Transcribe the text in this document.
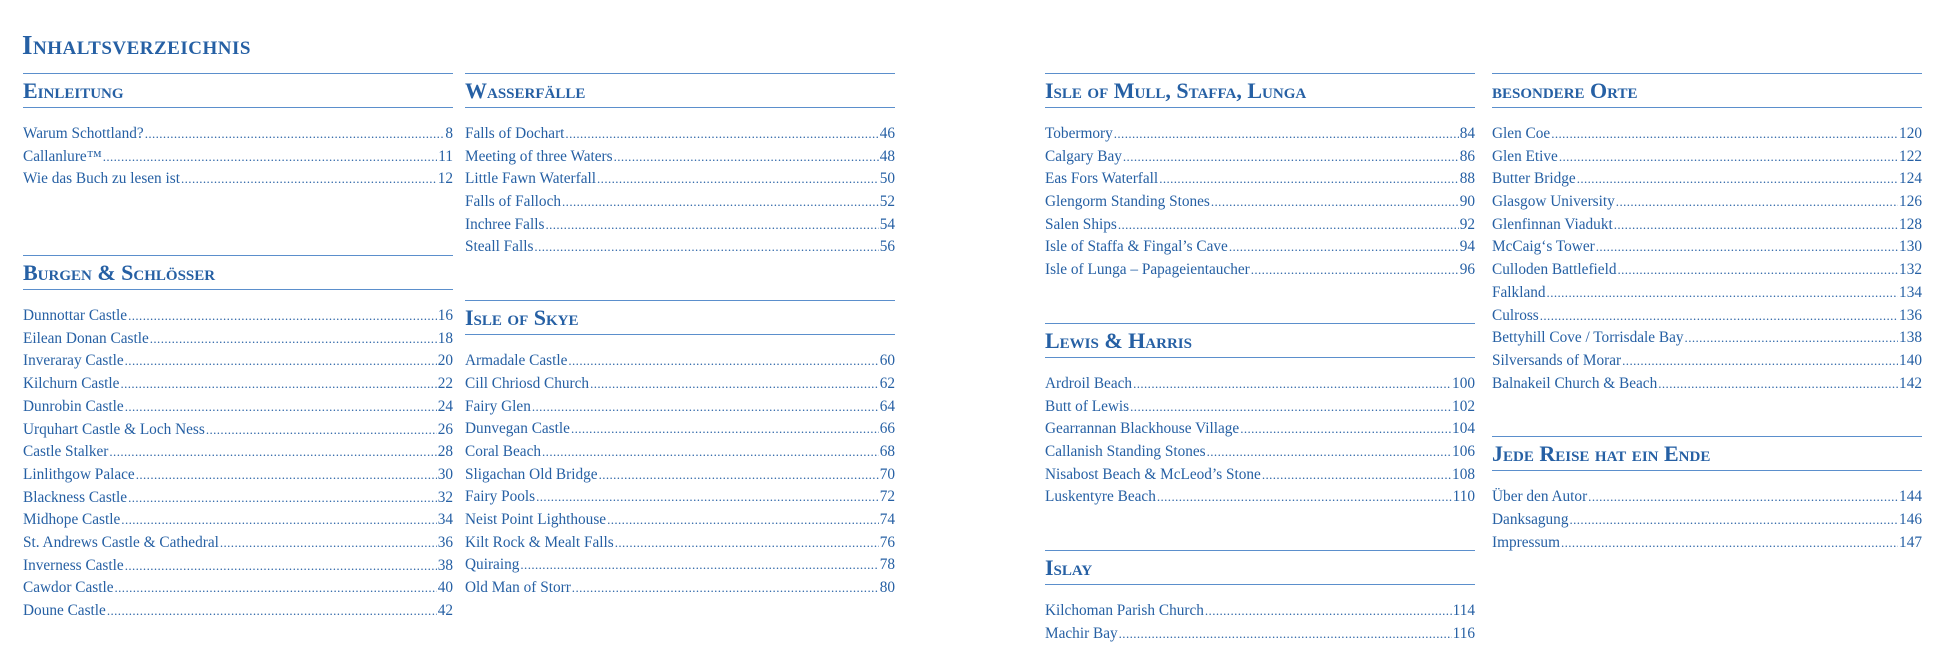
Inhaltsverzeichnis
Einleitung
Warum Schottland? .....	8
Callanlure™ .....	11
Wie das Buch zu lesen ist .....	12
Burgen & Schlösser
Dunnottar Castle .....	16
Eilean Donan Castle .....	18
Inveraray Castle .....	20
Kilchurn Castle .....	22
Dunrobin Castle .....	24
Urquhart Castle & Loch Ness .....	26
Castle Stalker .....	28
Linlithgow Palace .....	30
Blackness Castle .....	32
Midhope Castle .....	34
St. Andrews Castle & Cathedral .....	36
Inverness Castle .....	38
Cawdor Castle .....	40
Doune Castle .....	42
Wasserfälle
Falls of Dochart .....	46
Meeting of three Waters .....	48
Little Fawn Waterfall .....	50
Falls of Falloch .....	52
Inchree Falls .....	54
Steall Falls .....	56
Isle of Skye
Armadale Castle .....	60
Cill Chriosd Church .....	62
Fairy Glen .....	64
Dunvegan Castle .....	66
Coral Beach .....	68
Sligachan Old Bridge .....	70
Fairy Pools .....	72
Neist Point Lighthouse .....	74
Kilt Rock & Mealt Falls .....	76
Quiraing .....	78
Old Man of Storr .....	80
Isle of Mull, Staffa, Lunga
Tobermory .....	84
Calgary Bay .....	86
Eas Fors Waterfall .....	88
Glengorm Standing Stones .....	90
Salen Ships .....	92
Isle of Staffa & Fingal’s Cave .....	94
Isle of Lunga – Papageientaucher .....	96
Lewis & Harris
Ardroil Beach .....	100
Butt of Lewis .....	102
Gearrannan Blackhouse Village .....	104
Callanish Standing Stones .....	106
Nisabost Beach & McLeod’s Stone .....	108
Luskentyre Beach .....	110
Islay
Kilchoman Parish Church .....	114
Machir Bay .....	116
besondere Orte
Glen Coe .....	120
Glen Etive .....	122
Butter Bridge .....	124
Glasgow University .....	126
Glenfinnan Viadukt .....	128
McCaig‘s Tower .....	130
Culloden Battlefield .....	132
Falkland .....	134
Culross .....	136
Bettyhill Cove / Torrisdale Bay .....	138
Silversands of Morar .....	140
Balnakeil Church & Beach .....	142
Jede Reise hat ein Ende
Über den Autor .....	144
Danksagung .....	146
Impressum .....	147
